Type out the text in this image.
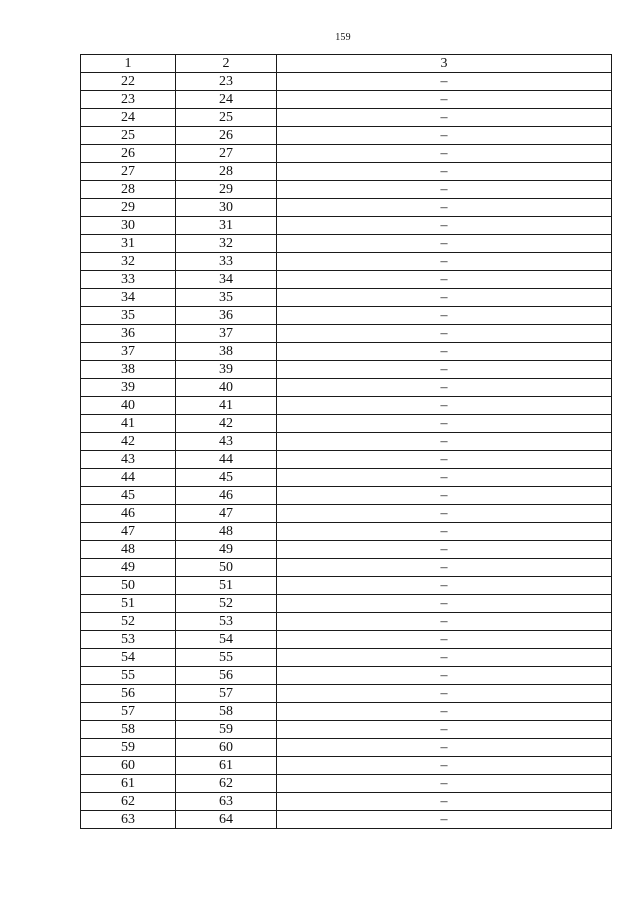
159
1	2	3
22	23	–
23	24	–
24	25	–
25	26	–
26	27	–
27	28	–
28	29	–
29	30	–
30	31	–
31	32	–
32	33	–
33	34	–
34	35	–
35	36	–
36	37	–
37	38	–
38	39	–
39	40	–
40	41	–
41	42	–
42	43	–
43	44	–
44	45	–
45	46	–
46	47	–
47	48	–
48	49	–
49	50	–
50	51	–
51	52	–
52	53	–
53	54	–
54	55	–
55	56	–
56	57	–
57	58	–
58	59	–
59	60	–
60	61	–
61	62	–
62	63	–
63	64	–
